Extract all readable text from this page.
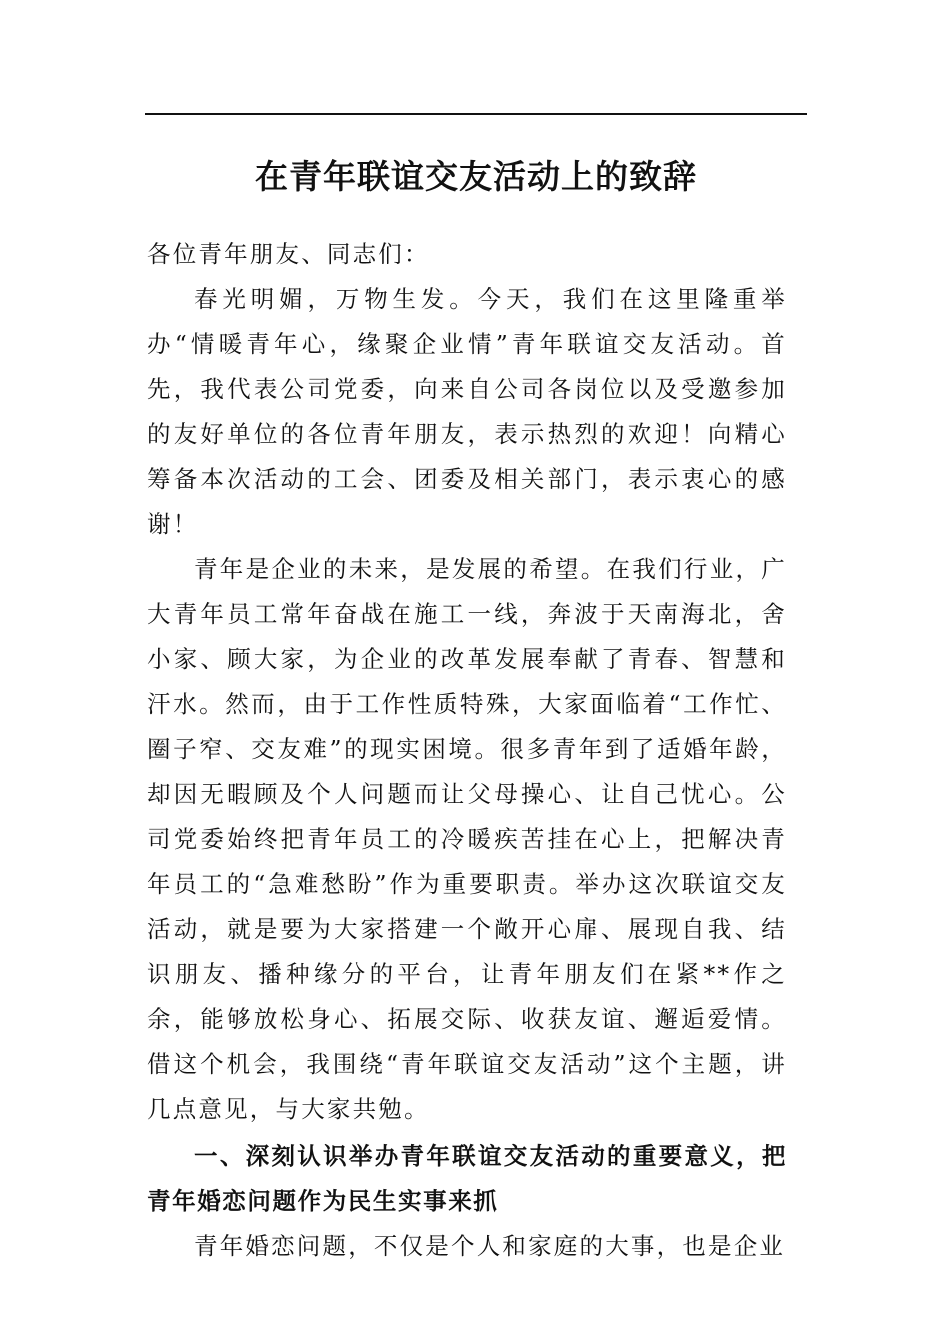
在青年联谊交友活动上的致辞

各位青年朋友、同志们：

春光明媚，万物生发。今天，我们在这里隆重举办“情暖青年心，缘聚企业情”青年联谊交友活动。首先，我代表公司党委，向来自公司各岗位以及受邀参加的友好单位的各位青年朋友，表示热烈的欢迎！向精心筹备本次活动的工会、团委及相关部门，表示衷心的感谢！

青年是企业的未来，是发展的希望。在我们行业，广大青年员工常年奋战在施工一线，奔波于天南海北，舍小家、顾大家，为企业的改革发展奉献了青春、智慧和汗水。然而，由于工作性质特殊，大家面临着“工作忙、圈子窄、交友难”的现实困境。很多青年到了适婚年龄，却因无暇顾及个人问题而让父母操心、让自己忧心。公司党委始终把青年员工的冷暖疾苦挂在心上，把解决青年员工的“急难愁盼”作为重要职责。举办这次联谊交友活动，就是要为大家搭建一个敞开心扉、展现自我、结识朋友、播种缘分的平台，让青年朋友们在紧**作之余，能够放松身心、拓展交际、收获友谊、邂逅爱情。借这个机会，我围绕“青年联谊交友活动”这个主题，讲几点意见，与大家共勉。

一、深刻认识举办青年联谊交友活动的重要意义，把青年婚恋问题作为民生实事来抓

青年婚恋问题，不仅是个人和家庭的大事，也是企业
